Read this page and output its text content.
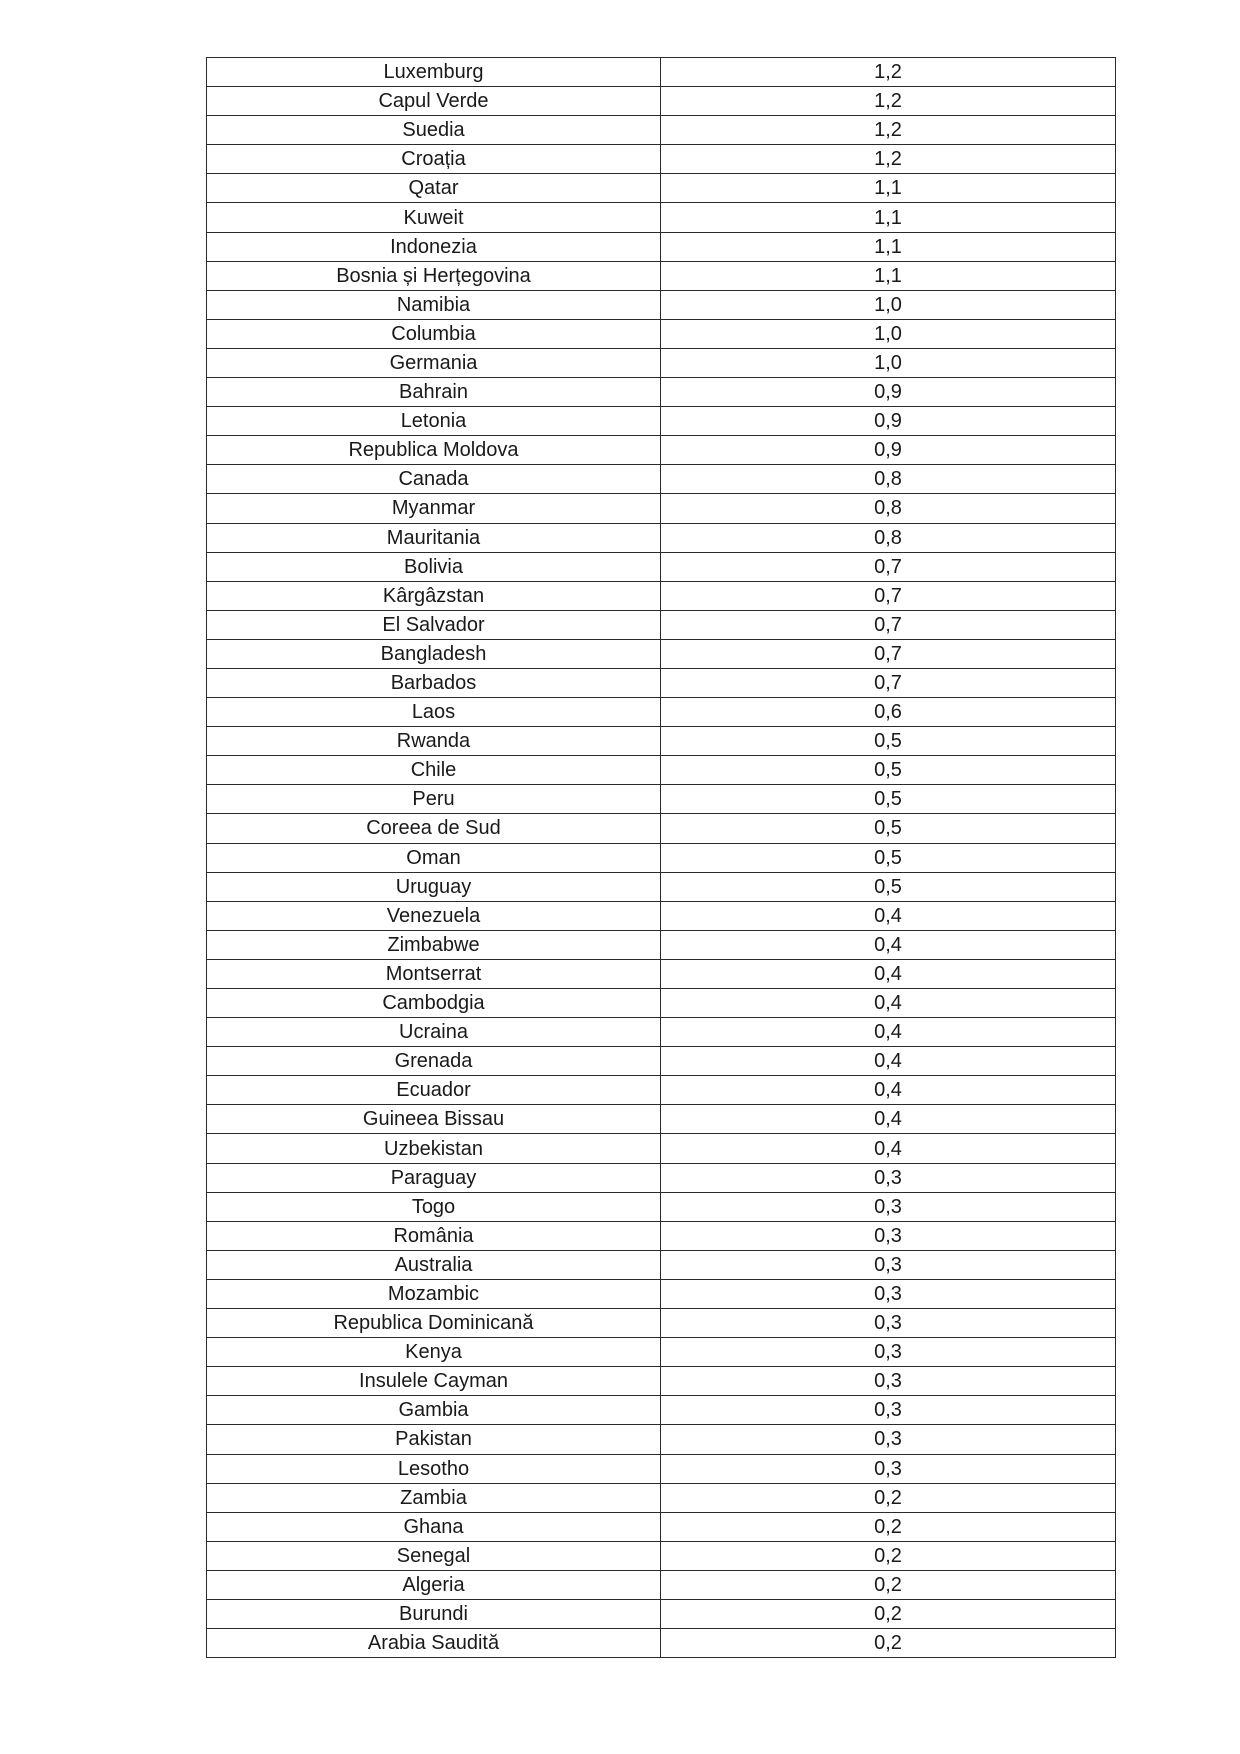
Luxemburg	1,2
Capul Verde	1,2
Suedia	1,2
Croația	1,2
Qatar	1,1
Kuweit	1,1
Indonezia	1,1
Bosnia și Herțegovina	1,1
Namibia	1,0
Columbia	1,0
Germania	1,0
Bahrain	0,9
Letonia	0,9
Republica Moldova	0,9
Canada	0,8
Myanmar	0,8
Mauritania	0,8
Bolivia	0,7
Kârgâzstan	0,7
El Salvador	0,7
Bangladesh	0,7
Barbados	0,7
Laos	0,6
Rwanda	0,5
Chile	0,5
Peru	0,5
Coreea de Sud	0,5
Oman	0,5
Uruguay	0,5
Venezuela	0,4
Zimbabwe	0,4
Montserrat	0,4
Cambodgia	0,4
Ucraina	0,4
Grenada	0,4
Ecuador	0,4
Guineea Bissau	0,4
Uzbekistan	0,4
Paraguay	0,3
Togo	0,3
România	0,3
Australia	0,3
Mozambic	0,3
Republica Dominicană	0,3
Kenya	0,3
Insulele Cayman	0,3
Gambia	0,3
Pakistan	0,3
Lesotho	0,3
Zambia	0,2
Ghana	0,2
Senegal	0,2
Algeria	0,2
Burundi	0,2
Arabia Saudită	0,2
